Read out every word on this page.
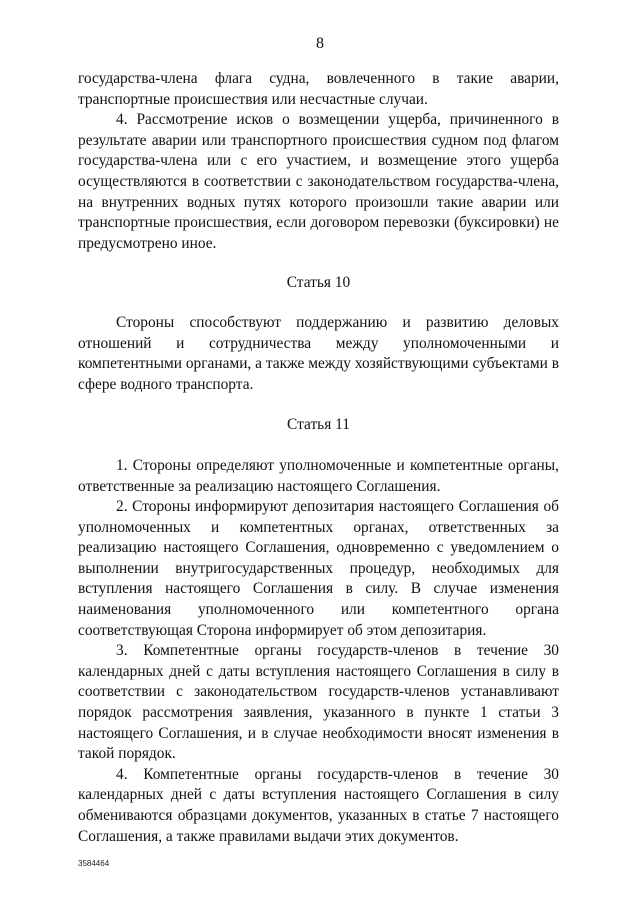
8

государства-члена флага судна, вовлеченного в такие аварии, транспортные происшествия или несчастные случаи.

4. Рассмотрение исков о возмещении ущерба, причиненного в результате аварии или транспортного происшествия судном под флагом государства-члена или с его участием, и возмещение этого ущерба осуществляются в соответствии с законодательством государства-члена, на внутренних водных путях которого произошли такие аварии или транспортные происшествия, если договором перевозки (буксировки) не предусмотрено иное.

Статья 10

Стороны способствуют поддержанию и развитию деловых отношений и сотрудничества между уполномоченными и компетентными органами, а также между хозяйствующими субъектами в сфере водного транспорта.

Статья 11

1. Стороны определяют уполномоченные и компетентные органы, ответственные за реализацию настоящего Соглашения.

2. Стороны информируют депозитария настоящего Соглашения об уполномоченных и компетентных органах, ответственных за реализацию настоящего Соглашения, одновременно с уведомлением о выполнении внутригосударственных процедур, необходимых для вступления настоящего Соглашения в силу. В случае изменения наименования уполномоченного или компетентного органа соответствующая Сторона информирует об этом депозитария.

3. Компетентные органы государств-членов в течение 30 календарных дней с даты вступления настоящего Соглашения в силу в соответствии с законодательством государств-членов устанавливают порядок рассмотрения заявления, указанного в пункте 1 статьи 3 настоящего Соглашения, и в случае необходимости вносят изменения в такой порядок.

4. Компетентные органы государств-членов в течение 30 календарных дней с даты вступления настоящего Соглашения в силу обмениваются образцами документов, указанных в статье 7 настоящего Соглашения, а также правилами выдачи этих документов.

3584464
